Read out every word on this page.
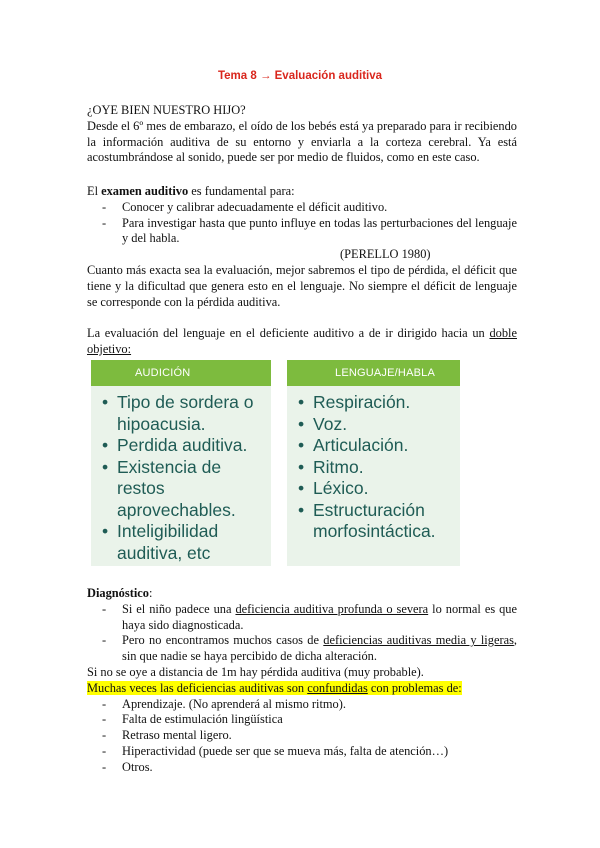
Tema 8 → Evaluación auditiva

¿OYE BIEN NUESTRO HIJO?

Desde el 6º mes de embarazo, el oído de los bebés está ya preparado para ir recibiendo la información auditiva de su entorno y enviarla a la corteza cerebral. Ya está acostumbrándose al sonido, puede ser por medio de fluidos, como en este caso.

El examen auditivo es fundamental para:

- Conocer y calibrar adecuadamente el déficit auditivo.
- Para investigar hasta que punto influye en todas las perturbaciones del lenguaje y del habla.

(PERELLO 1980)

Cuanto más exacta sea la evaluación, mejor sabremos el tipo de pérdida, el déficit que tiene y la dificultad que genera esto en el lenguaje. No siempre el déficit de lenguaje se corresponde con la pérdida auditiva.

La evaluación del lenguaje en el deficiente auditivo a de ir dirigido hacia un doble objetivo:

AUDICIÓN
• Tipo de sordera o hipoacusia.
• Perdida auditiva.
• Existencia de restos aprovechables.
• Inteligibilidad auditiva, etc
LENGUAJE/HABLA
• Respiración.
• Voz.
• Articulación.
• Ritmo.
• Léxico.
• Estructuración morfosintáctica.

Diagnóstico:

- Si el niño padece una deficiencia auditiva profunda o severa lo normal es que haya sido diagnosticada.
- Pero no encontramos muchos casos de deficiencias auditivas media y ligeras, sin que nadie se haya percibido de dicha alteración.

Si no se oye a distancia de 1m hay pérdida auditiva (muy probable).

Muchas veces las deficiencias auditivas son confundidas con problemas de:

- Aprendizaje. (No aprenderá al mismo ritmo).
- Falta de estimulación lingüística
- Retraso mental ligero.
- Hiperactividad (puede ser que se mueva más, falta de atención…)
- Otros.
